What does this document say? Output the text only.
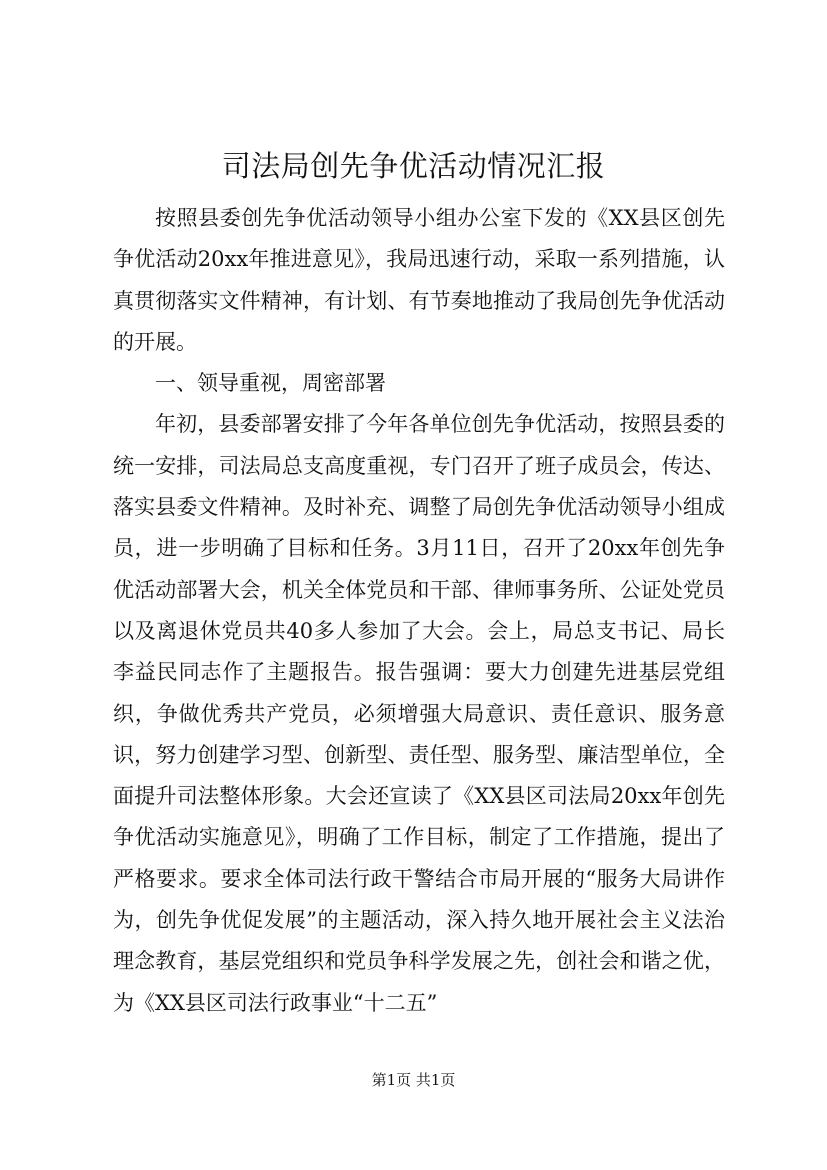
司法局创先争优活动情况汇报

按照县委创先争优活动领导小组办公室下发的《XX县区创先争优活动20xx年推进意见》，我局迅速行动，采取一系列措施，认真贯彻落实文件精神，有计划、有节奏地推动了我局创先争优活动的开展。

一、领导重视，周密部署

年初，县委部署安排了今年各单位创先争优活动，按照县委的统一安排，司法局总支高度重视，专门召开了班子成员会，传达、落实县委文件精神。及时补充、调整了局创先争优活动领导小组成员，进一步明确了目标和任务。3月11日，召开了20xx年创先争优活动部署大会，机关全体党员和干部、律师事务所、公证处党员以及离退休党员共40多人参加了大会。会上，局总支书记、局长李益民同志作了主题报告。报告强调：要大力创建先进基层党组织，争做优秀共产党员，必须增强大局意识、责任意识、服务意识，努力创建学习型、创新型、责任型、服务型、廉洁型单位，全面提升司法整体形象。大会还宣读了《XX县区司法局20xx年创先争优活动实施意见》，明确了工作目标，制定了工作措施，提出了严格要求。要求全体司法行政干警结合市局开展的“服务大局讲作为，创先争优促发展”的主题活动，深入持久地开展社会主义法治理念教育，基层党组织和党员争科学发展之先，创社会和谐之优，为《XX县区司法行政事业“十二五”

第1页 共1页
